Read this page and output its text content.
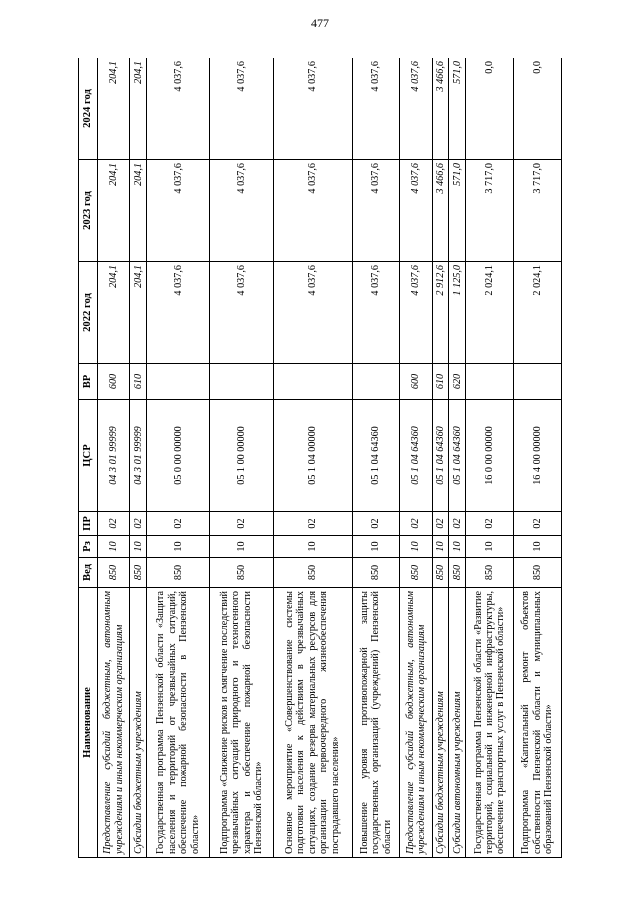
477
Наименование	Вед	Рз	ПР	ЦСР	ВР	2022 год	2023 год	2024 год
Предоставление субсидий бюджетным, автономным учреждениям и иным некоммерческим организациям	850	10	02	04 3 01 99999	600	204,1	204,1	204,1
Субсидии бюджетным учреждениям	850	10	02	04 3 01 99999	610	204,1	204,1	204,1
Государственная программа Пензенской области «Защита населения и территорий от чрезвычайных ситуаций, обеспечение пожарной безопасности в Пензенской области»	850	10	02	05 0 00 00000		4 037,6	4 037,6	4 037,6
Подпрограмма «Снижение рисков и смягчение последствий чрезвычайных ситуаций природного и техногенного характера и обеспечение пожарной безопасности Пензенской области»	850	10	02	05 1 00 00000		4 037,6	4 037,6	4 037,6
Основное мероприятие «Совершенствование системы подготовки населения к действиям в чрезвычайных ситуациях, создание резерва материальных ресурсов для организации первоочередного жизнеобеспечения пострадавшего населения»	850	10	02	05 1 04 00000		4 037,6	4 037,6	4 037,6
Повышение уровня противопожарной защиты государственных организаций (учреждений) Пензенской области	850	10	02	05 1 04 64360		4 037,6	4 037,6	4 037,6
Предоставление субсидий бюджетным, автономным учреждениям и иным некоммерческим организациям	850	10	02	05 1 04 64360	600	4 037,6	4 037,6	4 037,6
Субсидии бюджетным учреждениям	850	10	02	05 1 04 64360	610	2 912,6	3 466,6	3 466,6
Субсидии автономным учреждениям	850	10	02	05 1 04 64360	620	1 125,0	571,0	571,0
Государственная программа Пензенской области «Развитие территорий, социальной и инженерной инфраструктуры, обеспечение транспортных услуг в Пензенской области»	850	10	02	16 0 00 00000		2 024,1	3 717,0	0,0
Подпрограмма «Капитальный ремонт объектов собственности Пензенской области и муниципальных образований Пензенской области»	850	10	02	16 4 00 00000		2 024,1	3 717,0	0,0
